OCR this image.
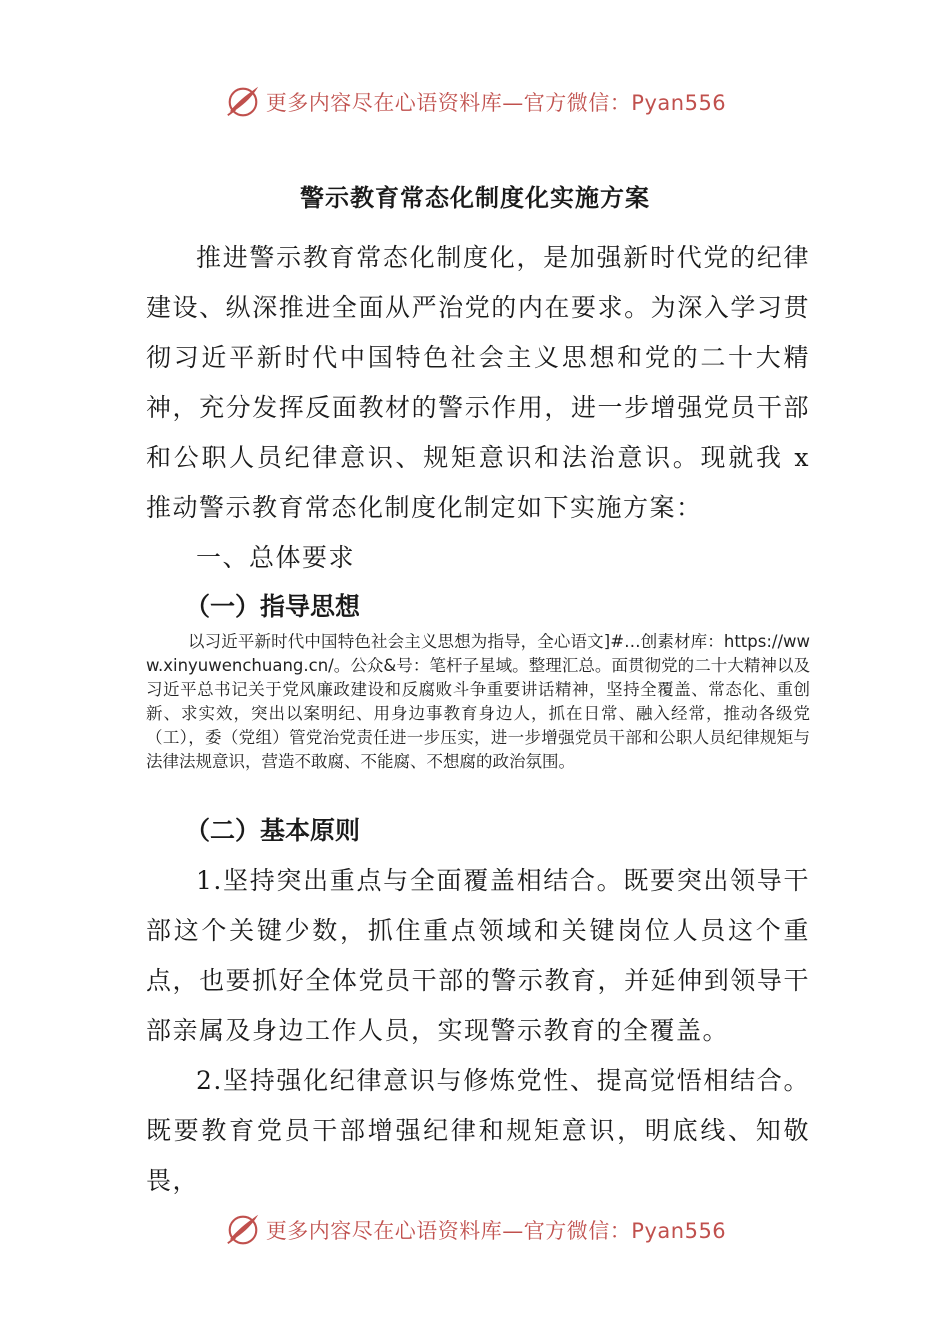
更多内容尽在心语资料库—官方微信：Pyan556
警示教育常态化制度化实施方案

推进警示教育常态化制度化，是加强新时代党的纪律建设、纵深推进全面从严治党的内在要求。为深入学习贯彻习近平新时代中国特色社会主义思想和党的二十大精神，充分发挥反面教材的警示作用，进一步增强党员干部和公职人员纪律意识、规矩意识和法治意识。现就我 x 推动警示教育常态化制度化制定如下实施方案：

一、总体要求

（一）指导思想

以习近平新时代中国特色社会主义思想为指导，全心语文]#…创素材库：https://www.xinyuwenchuang.cn/。公众&号：笔杆子星域。整理汇总。面贯彻党的二十大精神以及习近平总书记关于党风廉政建设和反腐败斗争重要讲话精神，坚持全覆盖、常态化、重创新、求实效，突出以案明纪、用身边事教育身边人，抓在日常、融入经常，推动各级党（工），委（党组）管党治党责任进一步压实，进一步增强党员干部和公职人员纪律规矩与法律法规意识，营造不敢腐、不能腐、不想腐的政治氛围。

（二）基本原则

1.坚持突出重点与全面覆盖相结合。既要突出领导干部这个关键少数，抓住重点领域和关键岗位人员这个重点，也要抓好全体党员干部的警示教育，并延伸到领导干部亲属及身边工作人员，实现警示教育的全覆盖。

2.坚持强化纪律意识与修炼党性、提高觉悟相结合。既要教育党员干部增强纪律和规矩意识，明底线、知敬畏，

更多内容尽在心语资料库—官方微信：Pyan556
